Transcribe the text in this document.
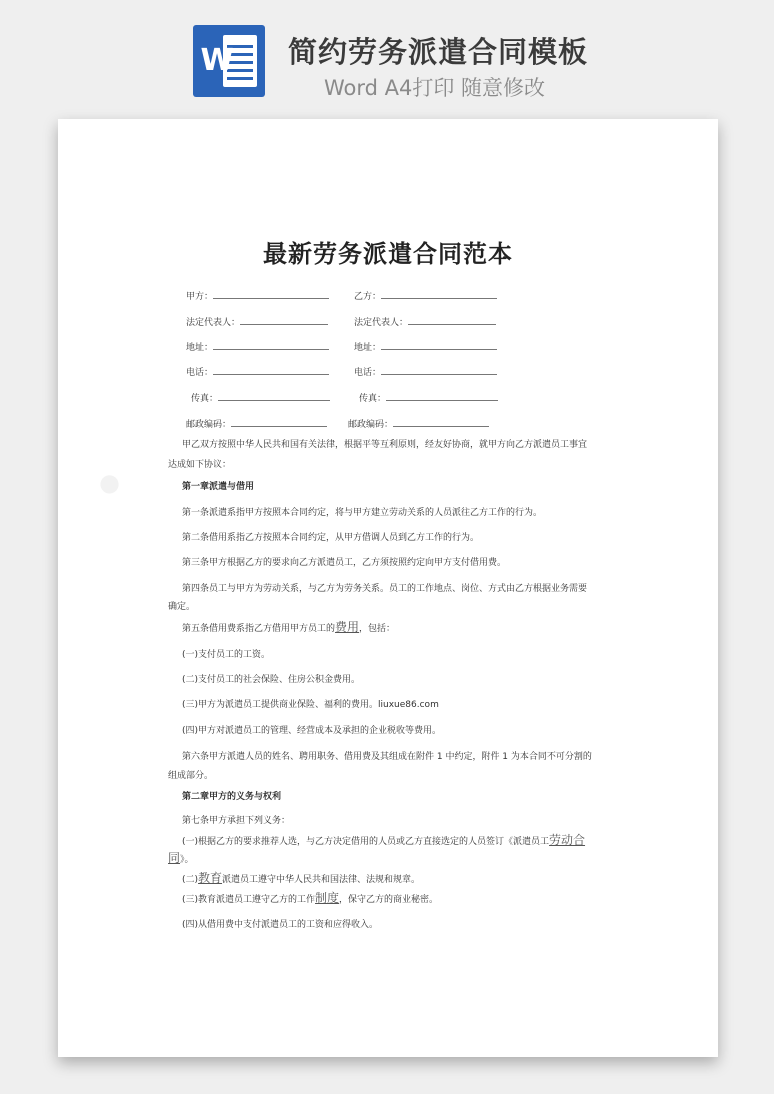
W 简约劳务派遣合同模板
Word A4打印 随意修改
●
最新劳务派遣合同范本
甲方：	乙方：
法定代表人：	法定代表人：
地址：	地址：
电话：	电话：
传真：	传真：
邮政编码：	邮政编码：
甲乙双方按照中华人民共和国有关法律，根据平等互利原则，经友好协商，就甲方向乙方派遣员工事宜
达成如下协议：
第一章派遣与借用
第一条派遣系指甲方按照本合同约定，将与甲方建立劳动关系的人员派往乙方工作的行为。
第二条借用系指乙方按照本合同约定，从甲方借调人员到乙方工作的行为。
第三条甲方根据乙方的要求向乙方派遣员工，乙方须按照约定向甲方支付借用费。
第四条员工与甲方为劳动关系，与乙方为劳务关系。员工的工作地点、岗位、方式由乙方根据业务需要
确定。
第五条借用费系指乙方借用甲方员工的费用，包括：
(一)支付员工的工资。
(二)支付员工的社会保险、住房公积金费用。
(三)甲方为派遣员工提供商业保险、福利的费用。liuxue86.com
(四)甲方对派遣员工的管理、经营成本及承担的企业税收等费用。
第六条甲方派遣人员的姓名、聘用职务、借用费及其组成在附件 1 中约定，附件 1 为本合同不可分割的
组成部分。
第二章甲方的义务与权利
第七条甲方承担下列义务：
(一)根据乙方的要求推荐人选，与乙方决定借用的人员或乙方直接选定的人员签订《派遣员工劳动合
同》。
(二)教育派遣员工遵守中华人民共和国法律、法规和规章。
(三)教育派遣员工遵守乙方的工作制度，保守乙方的商业秘密。
(四)从借用费中支付派遣员工的工资和应得收入。
